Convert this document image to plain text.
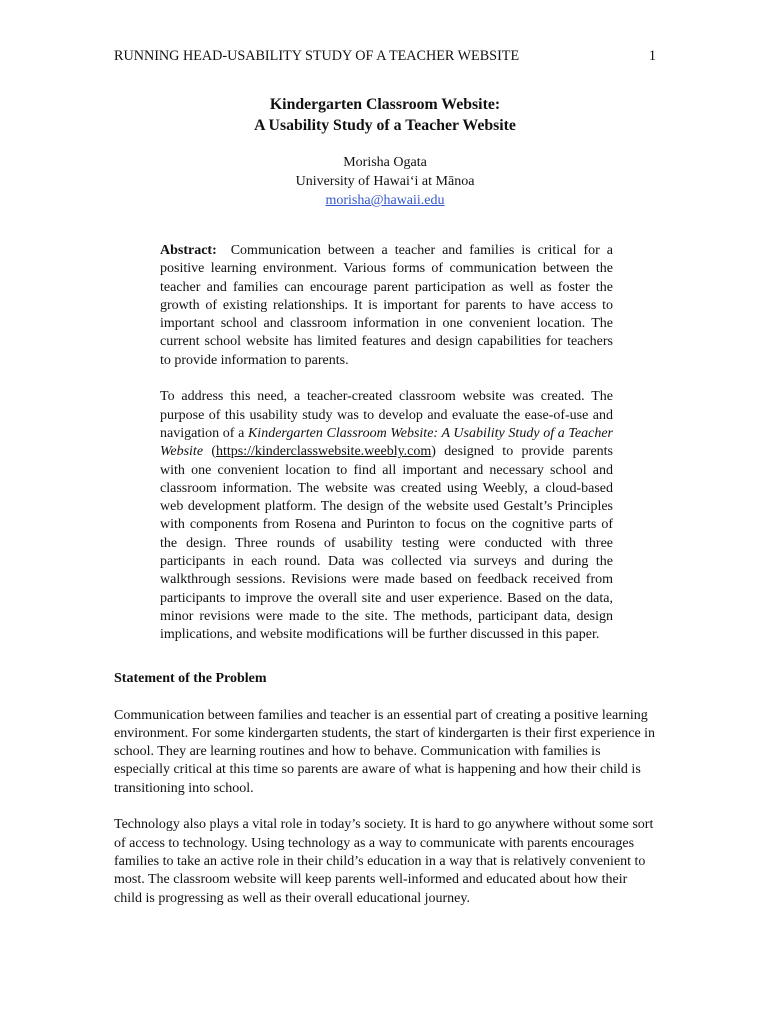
RUNNING HEAD-USABILITY STUDY OF A TEACHER WEBSITE	1
Kindergarten Classroom Website:
A Usability Study of a Teacher Website
Morisha Ogata
University of Hawai‘i at Mānoa
morisha@hawaii.edu

Abstract: Communication between a teacher and families is critical for a positive learning environment. Various forms of communication between the teacher and families can encourage parent participation as well as foster the growth of existing relationships. It is important for parents to have access to important school and classroom information in one convenient location. The current school website has limited features and design capabilities for teachers to provide information to parents.

To address this need, a teacher-created classroom website was created. The purpose of this usability study was to develop and evaluate the ease-of-use and navigation of a Kindergarten Classroom Website: A Usability Study of a Teacher Website (https://kinderclasswebsite.weebly.com) designed to provide parents with one convenient location to find all important and necessary school and classroom information. The website was created using Weebly, a cloud-based web development platform. The design of the website used Gestalt’s Principles with components from Rosena and Purinton to focus on the cognitive parts of the design. Three rounds of usability testing were conducted with three participants in each round. Data was collected via surveys and during the walkthrough sessions. Revisions were made based on feedback received from participants to improve the overall site and user experience. Based on the data, minor revisions were made to the site. The methods, participant data, design implications, and website modifications will be further discussed in this paper.

Statement of the Problem

Communication between families and teacher is an essential part of creating a positive learning environment. For some kindergarten students, the start of kindergarten is their first experience in school. They are learning routines and how to behave. Communication with families is especially critical at this time so parents are aware of what is happening and how their child is transitioning into school.

Technology also plays a vital role in today’s society. It is hard to go anywhere without some sort of access to technology. Using technology as a way to communicate with parents encourages families to take an active role in their child’s education in a way that is relatively convenient to most. The classroom website will keep parents well-informed and educated about how their child is progressing as well as their overall educational journey.
